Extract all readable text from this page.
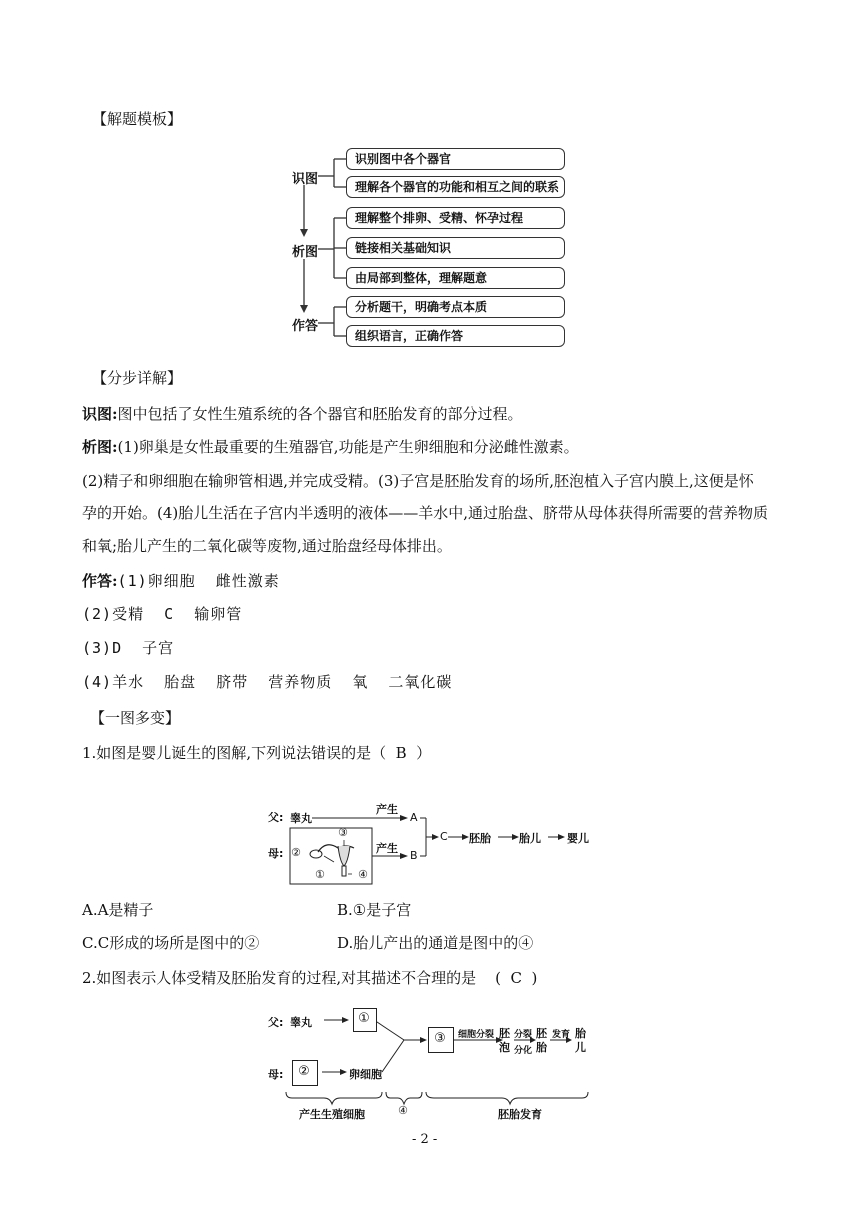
【解题模板】
识图
析图
作答
识别图中各个器官
理解各个器官的功能和相互之间的联系
理解整个排卵、受精、怀孕过程
链接相关基础知识
由局部到整体，理解题意
分析题干，明确考点本质
组织语言，正确作答
【分步详解】
识图:图中包括了女性生殖系统的各个器官和胚胎发育的部分过程。
析图:(1)卵巢是女性最重要的生殖器官,功能是产生卵细胞和分泌雌性激素。
(2)精子和卵细胞在输卵管相遇,并完成受精。(3)子宫是胚胎发育的场所,胚泡植入子宫内膜上,这便是怀
孕的开始。(4)胎儿生活在子宫内半透明的液体——羊水中,通过胎盘、脐带从母体获得所需要的营养物质
和氧;胎儿产生的二氧化碳等废物,通过胎盘经母体排出。
作答:(1)卵细胞  雌性激素
(2)受精  C  输卵管
(3)D  子宫
(4)羊水  胎盘  脐带  营养物质  氧  二氧化碳
【一图多变】
1.如图是婴儿诞生的图解,下列说法错误的是（  B  ）
父:
母:
睾丸
产生
产生
A
B
C 胚胎	胎儿 婴儿
③
②
①	④
A.A是精子	B.①是子宫
C.C形成的场所是图中的②	D.胎儿产出的通道是图中的④
2.如图表示人体受精及胚胎发育的过程,对其描述不合理的是    (  C  )
父: 睾丸	①
母: ②	卵细胞
③ 细胞分裂 胚
泡
分裂
分化
胚
胎
发育 胎
儿
产生生殖细胞	④	胚胎发育
- 2 -
